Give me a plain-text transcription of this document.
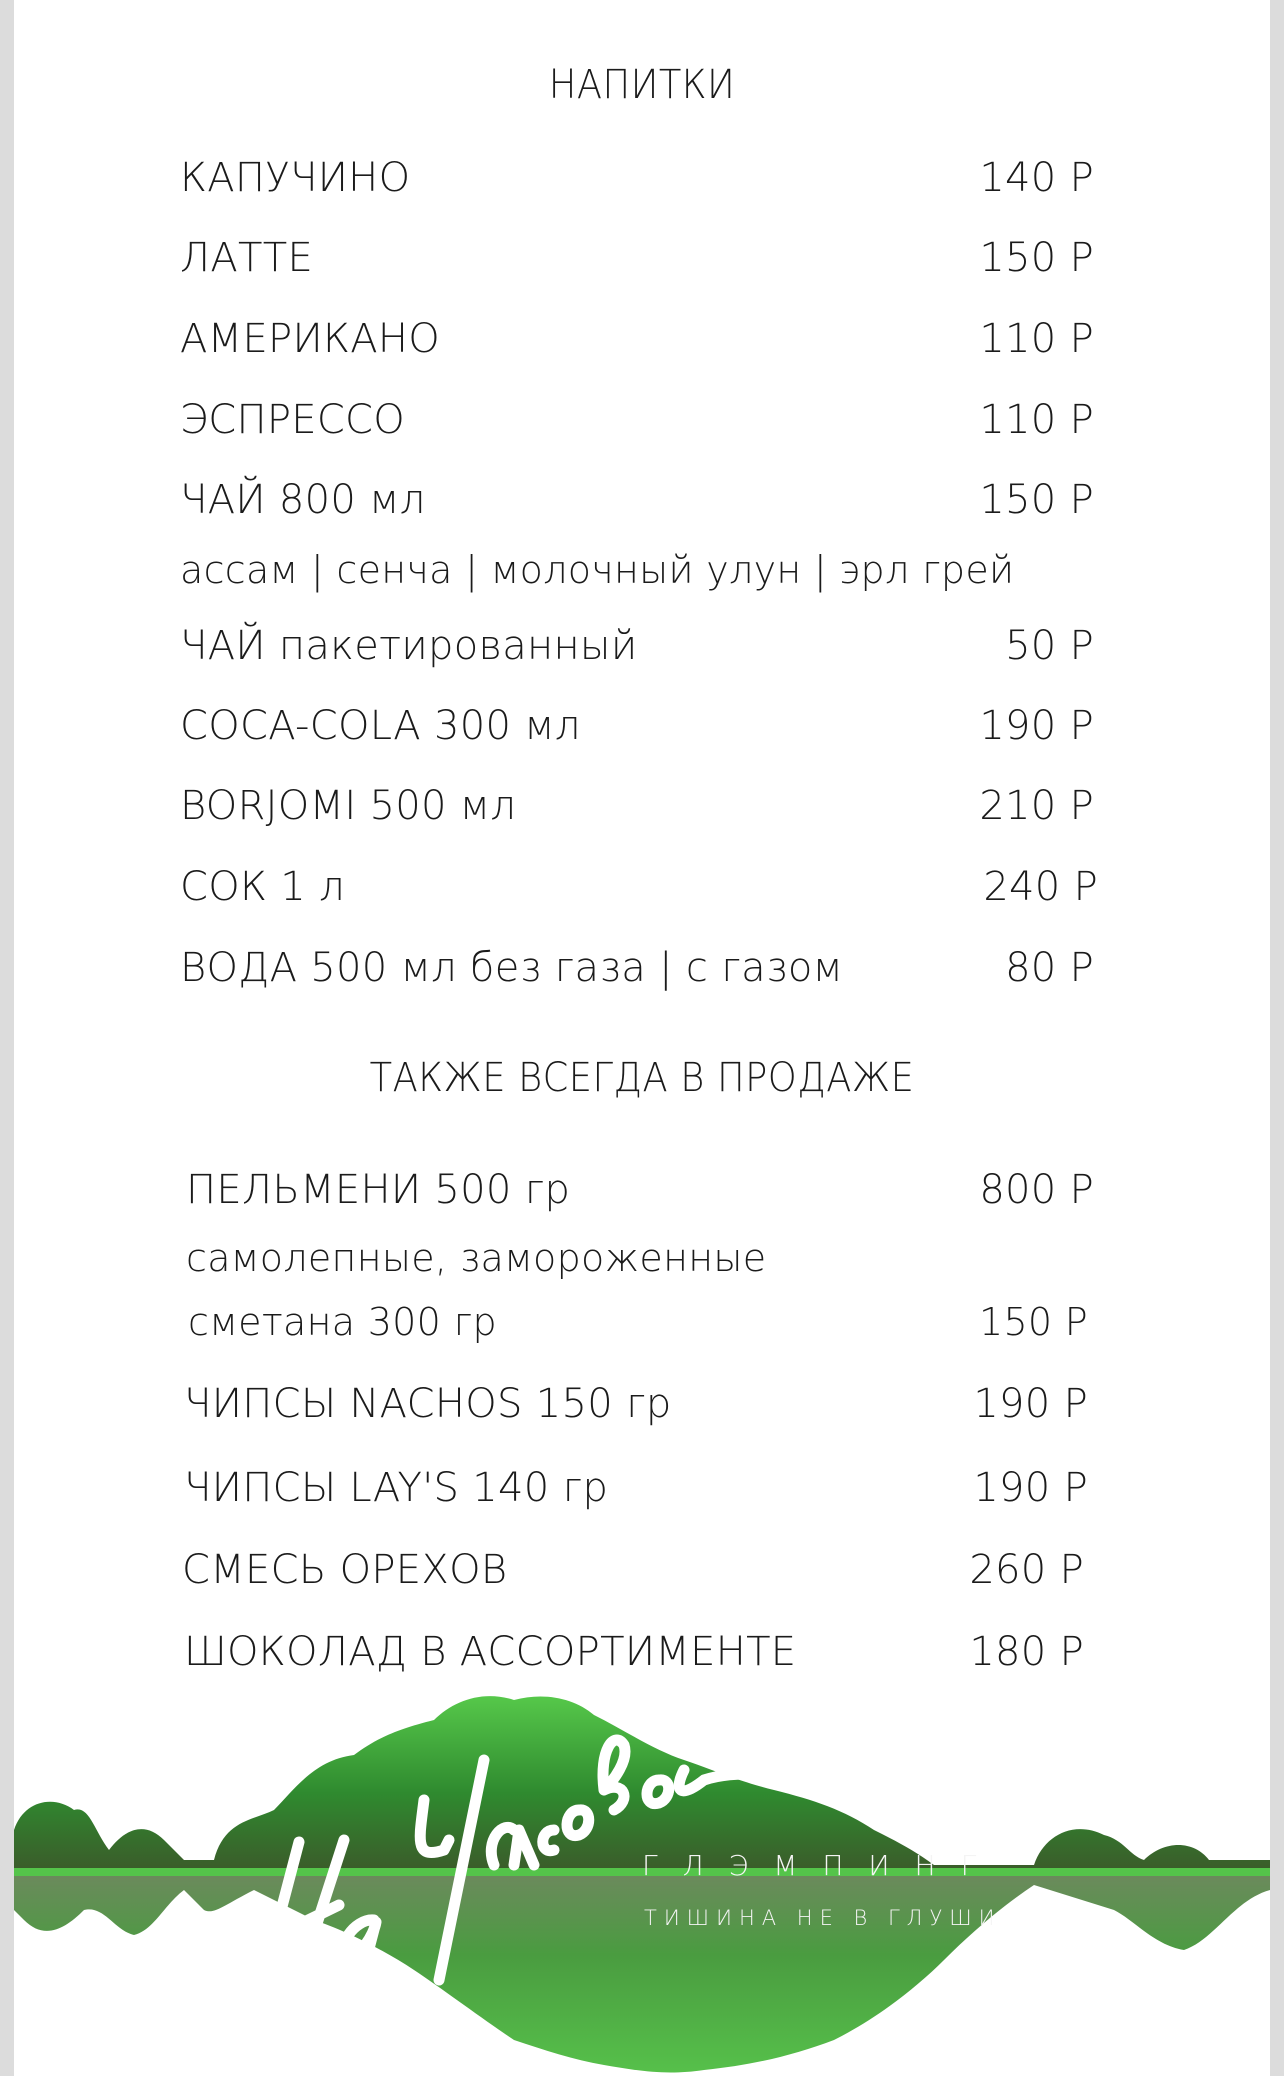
НАПИТКИ
КАПУЧИНО	140 Р
ЛАТТЕ	150 Р
АМЕРИКАНО	110 Р
ЭСПРЕССО	110 Р
ЧАЙ 800 мл	150 Р
ассам | сенча | молочный улун | эрл грей
ЧАЙ пакетированный	50 Р
COCA-COLA 300 мл	190 Р
BORJOMI 500 мл	210 Р
СОК 1 л	240 Р
ВОДА 500 мл без газа | с газом	80 Р
ТАКЖЕ ВСЕГДА В ПРОДАЖЕ
ПЕЛЬМЕНИ 500 гр	800 Р
самолепные, замороженные
сметана 300 гр	150 Р
ЧИПСЫ NACHOS 150 гр	190 Р
ЧИПСЫ LAY'S 140 гр	190 Р
СМЕСЬ ОРЕХОВ	260 Р
ШОКОЛАД В АССОРТИМЕНТЕ	180 Р
ГЛЭМПИНГ
ТИШИНА НЕ В ГЛУШИ
